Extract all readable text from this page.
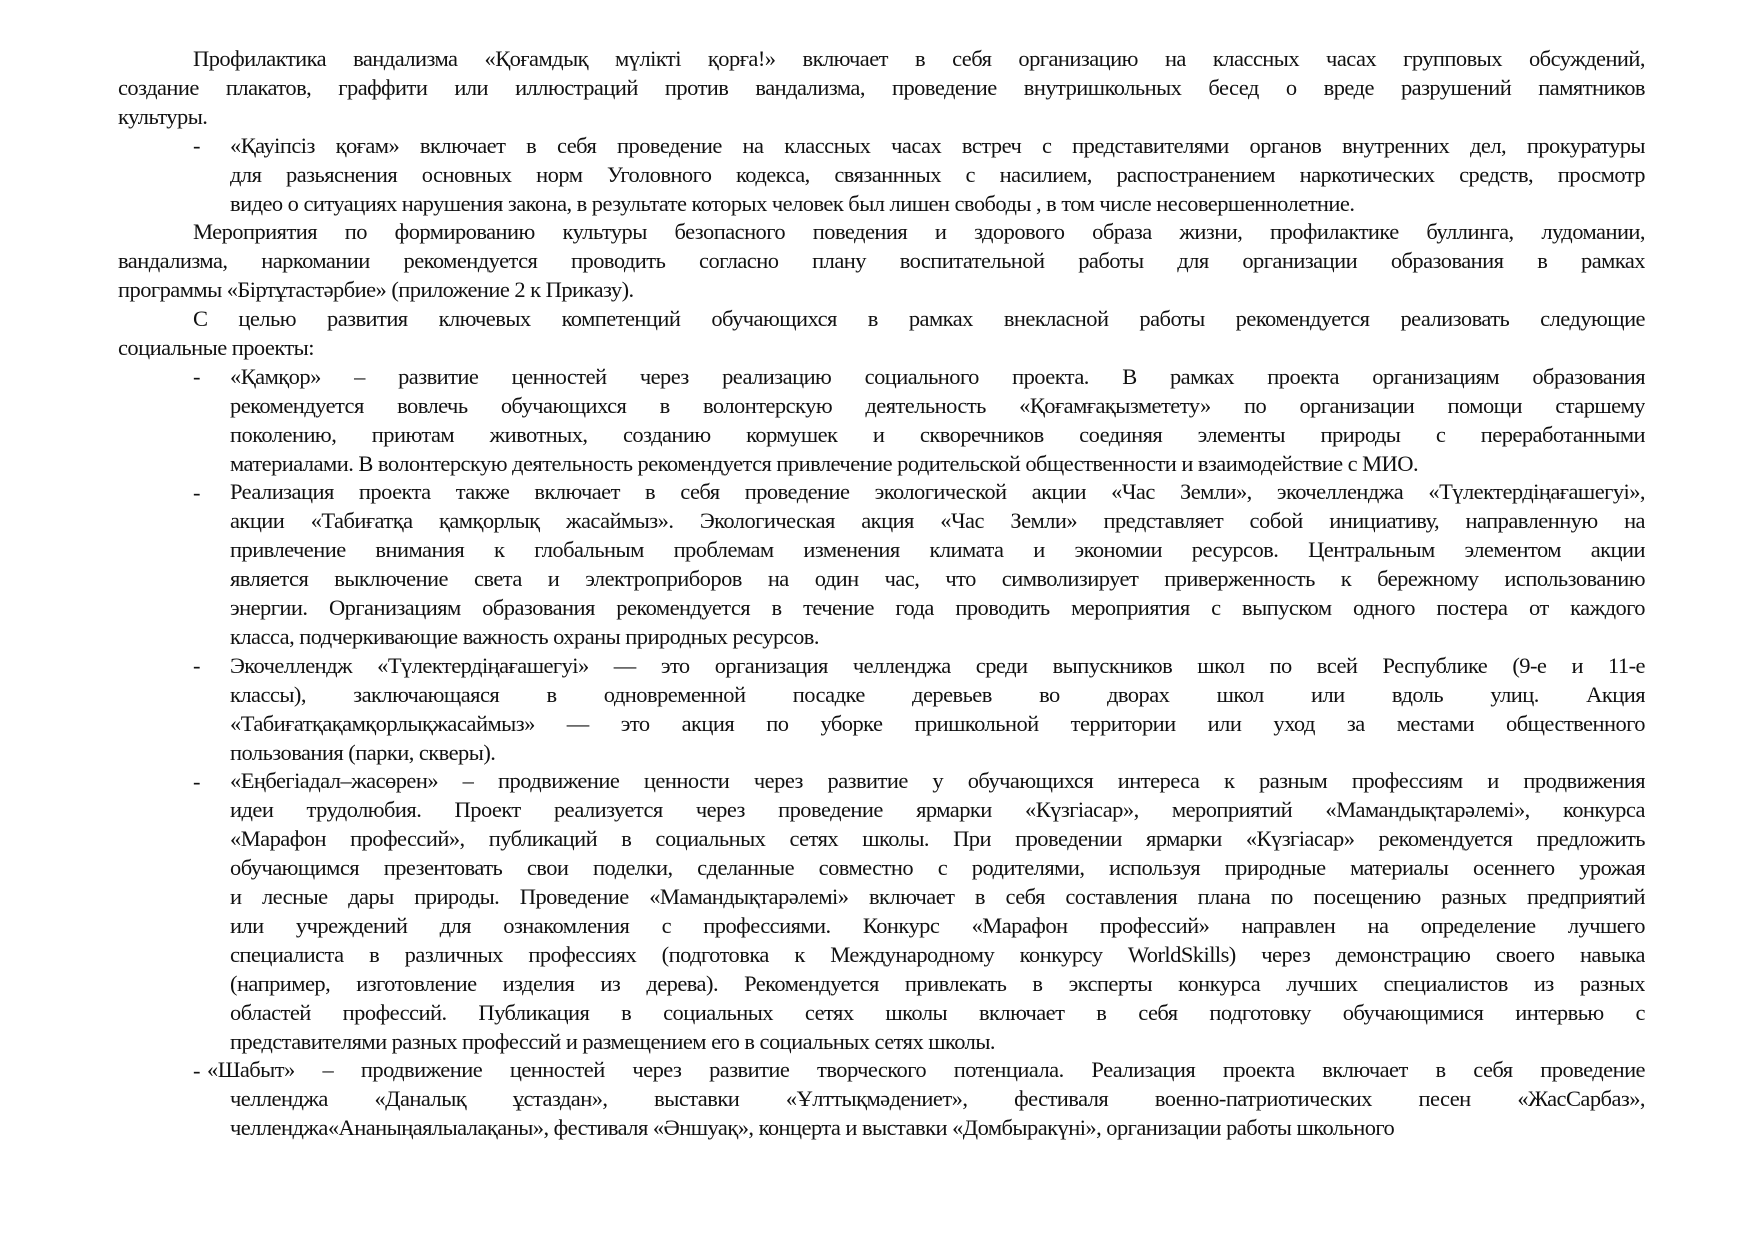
Профилактика вандализма «Қоғамдық мүлікті қорға!» включает в себя организацию на классных часах групповых обсуждений,
создание плакатов, граффити или иллюстраций против вандализма, проведение внутришкольных бесед о вреде разрушений памятников
культуры.
- «Қауіпсіз қоғам» включает в себя проведение на классных часах встреч с представителями органов внутренних дел, прокуратуры
для разьяснения основных норм Уголовного кодекса, связаннных с насилием, распостранением наркотических средств, просмотр
видео о ситуациях нарушения закона, в результате которых человек был лишен свободы , в том числе несовершеннолетние.
Мероприятия по формированию культуры безопасного поведения и здорового образа жизни, профилактике буллинга, лудомании,
вандализма, наркомании рекомендуется проводить согласно плану воспитательной работы для организации образования в рамках
программы «Біртұтастәрбие» (приложение 2 к Приказу).
С целью развития ключевых компетенций обучающихся в рамках внекласной работы рекомендуется реализовать следующие
социальные проекты:
- «Қамқор» – развитие ценностей через реализацию социального проекта. В рамках проекта организациям образования
рекомендуется вовлечь обучающихся в волонтерскую деятельность «Қоғамғақызметету» по организации помощи старшему
поколению, приютам животных, созданию кормушек и скворечников соединяя элементы природы с переработанными
материалами. В волонтерскую деятельность рекомендуется привлечение родительской общественности и взаимодействие с МИО.
- Реализация проекта также включает в себя проведение экологической акции «Час Земли», экочелленджа «Түлектердіңағашегуі»,
акции «Табиғатқа қамқорлық жасаймыз». Экологическая акция «Час Земли» представляет собой инициативу, направленную на
привлечение внимания к глобальным проблемам изменения климата и экономии ресурсов. Центральным элементом акции
является выключение света и электроприборов на один час, что символизирует приверженность к бережному использованию
энергии. Организациям образования рекомендуется в течение года проводить мероприятия с выпуском одного постера от каждого
класса, подчеркивающие важность охраны природных ресурсов.
- Экочеллендж «Түлектердіңағашегуі» — это организация челленджа среди выпускников школ по всей Республике (9-е и 11-е
классы), заключающаяся в одновременной посадке деревьев во дворах школ или вдоль улиц. Акция
«Табиғатқақамқорлықжасаймыз» — это акция по уборке пришкольной территории или уход за местами общественного
пользования (парки, скверы).
- «Еңбегіадал–жасөрен» – продвижение ценности через развитие у обучающихся интереса к разным профессиям и продвижения
идеи трудолюбия. Проект реализуется через проведение ярмарки «Күзгіасар», мероприятий «Мамандықтарәлемі», конкурса
«Марафон профессий», публикаций в социальных сетях школы. При проведении ярмарки «Күзгіасар» рекомендуется предложить
обучающимся презентовать свои поделки, сделанные совместно с родителями, используя природные материалы осеннего урожая
и лесные дары природы. Проведение «Мамандықтарәлемі» включает в себя составления плана по посещению разных предприятий
или учреждений для ознакомления с профессиями. Конкурс «Марафон профессий» направлен на определение лучшего
специалиста в различных профессиях (подготовка к Международному конкурсу WorldSkills) через демонстрацию своего навыка
(например, изготовление изделия из дерева). Рекомендуется привлекать в эксперты конкурса лучших специалистов из разных
областей профессий. Публикация в социальных сетях школы включает в себя подготовку обучающимися интервью с
представителями разных профессий и размещением его в социальных сетях школы.
- «Шабыт» – продвижение ценностей через развитие творческого потенциала. Реализация проекта включает в себя проведение
челленджа «Даналық ұстаздан», выставки «Ұлттықмәдениет», фестиваля военно-патриотических песен «ЖасСарбаз»,
челленджа«Ананыңаялыалақаны», фестиваля «Әншуақ», концерта и выставки «Домбыракүні», организации работы школьного
